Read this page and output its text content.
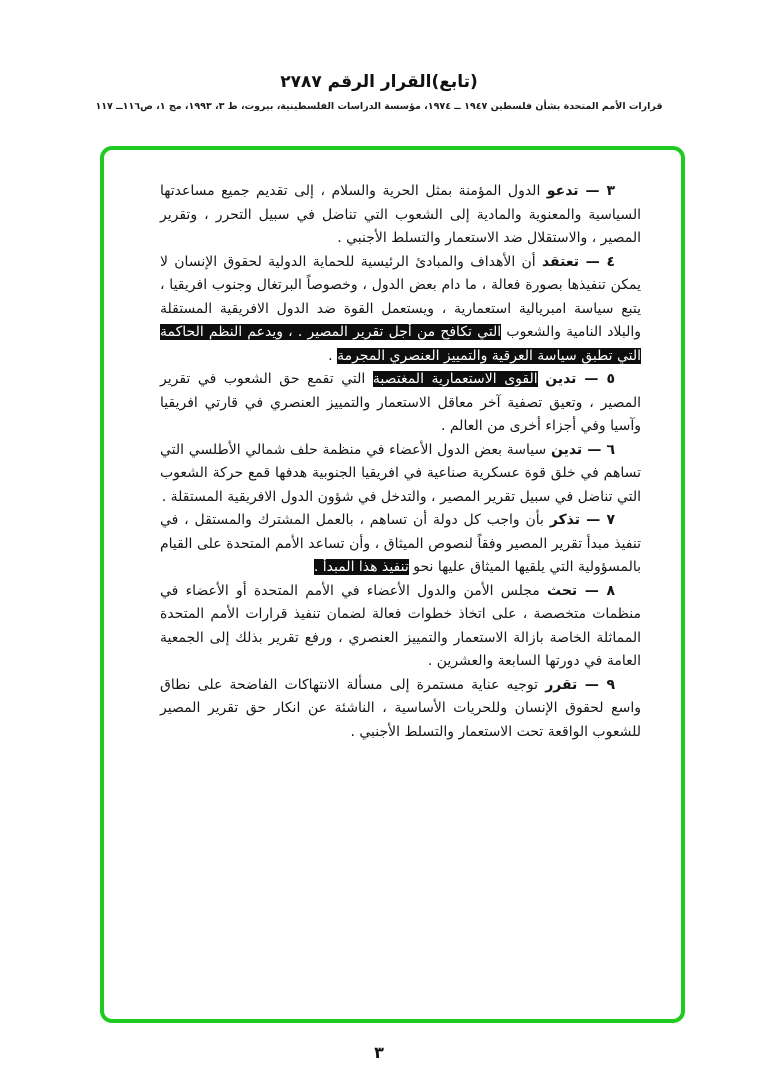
(تابع)القرار الرقم ٢٧٨٧
قرارات الأمم المتحدة بشأن فلسطين ١٩٤٧ ــ ١٩٧٤، مؤسسة الدراسات الفلسطينية، بيروت، ط ٣، ١٩٩٣، مج ١، ص١١٦ــ ١١٧

٣ — تدعو الدول المؤمنة بمثل الحرية والسلام ، إلى تقديم جميع مساعدتها السياسية والمعنوية والمادية إلى الشعوب التي تناضل في سبيل التحرر ، وتقرير المصير ، والاستقلال ضد الاستعمار والتسلط الأجنبي .

٤ — تعتقد أن الأهداف والمبادئ الرئيسية للحماية الدولية لحقوق الإنسان لا يمكن تنفيذها بصورة فعالة ، ما دام بعض الدول ، وخصوصاً البرتغال وجنوب افريقيا ، يتبع سياسة امبريالية استعمارية ، ويستعمل القوة ضد الدول الافريقية المستقلة والبلاد النامية والشعوب التي تكافح من أجل تقرير المصير . ، ويدعم النظم الحاكمة التي تطبق سياسة العرقية والتمييز العنصري المجرمة .

٥ — تدين القوى الاستعمارية المغتصبة التي تقمع حق الشعوب في تقرير المصير ، وتعيق تصفية آخر معاقل الاستعمار والتمييز العنصري في قارتي افريقيا وآسيا وفي أجزاء أخرى من العالم .

٦ — تدين سياسة بعض الدول الأعضاء في منظمة حلف شمالي الأطلسي التي تساهم في خلق قوة عسكرية صناعية في افريقيا الجنوبية هدفها قمع حركة الشعوب التي تناضل في سبيل تقرير المصير ، والتدخل في شؤون الدول الافريقية المستقلة .

٧ — تذكر بأن واجب كل دولة أن تساهم ، بالعمل المشترك والمستقل ، في تنفيذ مبدأ تقرير المصير وفقاً لنصوص الميثاق ، وأن تساعد الأمم المتحدة على القيام بالمسؤولية التي يلقيها الميثاق عليها نحو تنفيذ هذا المبدأ .

٨ — تحث مجلس الأمن والدول الأعضاء في الأمم المتحدة أو الأعضاء في منظمات متخصصة ، على اتخاذ خطوات فعالة لضمان تنفيذ قرارات الأمم المتحدة المماثلة الخاصة بازالة الاستعمار والتمييز العنصري ، ورفع تقرير بذلك إلى الجمعية العامة في دورتها السابعة والعشرين .

٩ — تقرر توجيه عناية مستمرة إلى مسألة الانتهاكات الفاضحة على نطاق واسع لحقوق الإنسان وللحريات الأساسية ، الناشئة عن انكار حق تقرير المصير للشعوب الواقعة تحت الاستعمار والتسلط الأجنبي .

٣
